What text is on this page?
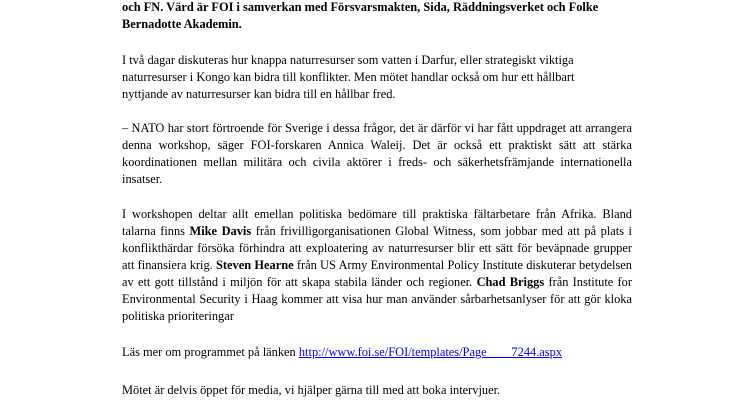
och FN. Värd är FOI i samverkan med Försvarsmakten, Sida, Räddningsverket och Folke
Bernadotte Akademin.

I två dagar diskuteras hur knappa naturresurser som vatten i Darfur, eller strategiskt viktiga
naturresurser i Kongo kan bidra till konflikter. Men mötet handlar också om hur ett hållbart
nyttjande av naturresurser kan bidra till en hållbar fred.

– NATO har stort förtroende för Sverige i dessa frågor, det är därför vi har fått uppdraget att arrangera denna workshop, säger FOI-forskaren Annica Waleij. Det är också ett praktiskt sätt att stärka koordinationen mellan militära och civila aktörer i freds- och säkerhetsfrämjande internationella insatser.

I workshopen deltar allt emellan politiska bedömare till praktiska fältarbetare från Afrika. Bland talarna finns Mike Davis från frivilligorganisationen Global Witness, som jobbar med att på plats i konflikthärdar försöka förhindra att exploatering av naturresurser blir ett sätt för beväpnade grupper att finansiera krig. Steven Hearne från US Army Environmental Policy Institute diskuterar betydelsen av ett gott tillstånd i miljön för att skapa stabila länder och regioner. Chad Briggs från Institute for Environmental Security i Haag kommer att visa hur man använder sårbarhetsanlyser för att gör kloka politiska prioriteringar

Läs mer om programmet på länken http://www.foi.se/FOI/templates/Page____7244.aspx

Mötet är delvis öppet för media, vi hjälper gärna till med att boka intervjuer.
